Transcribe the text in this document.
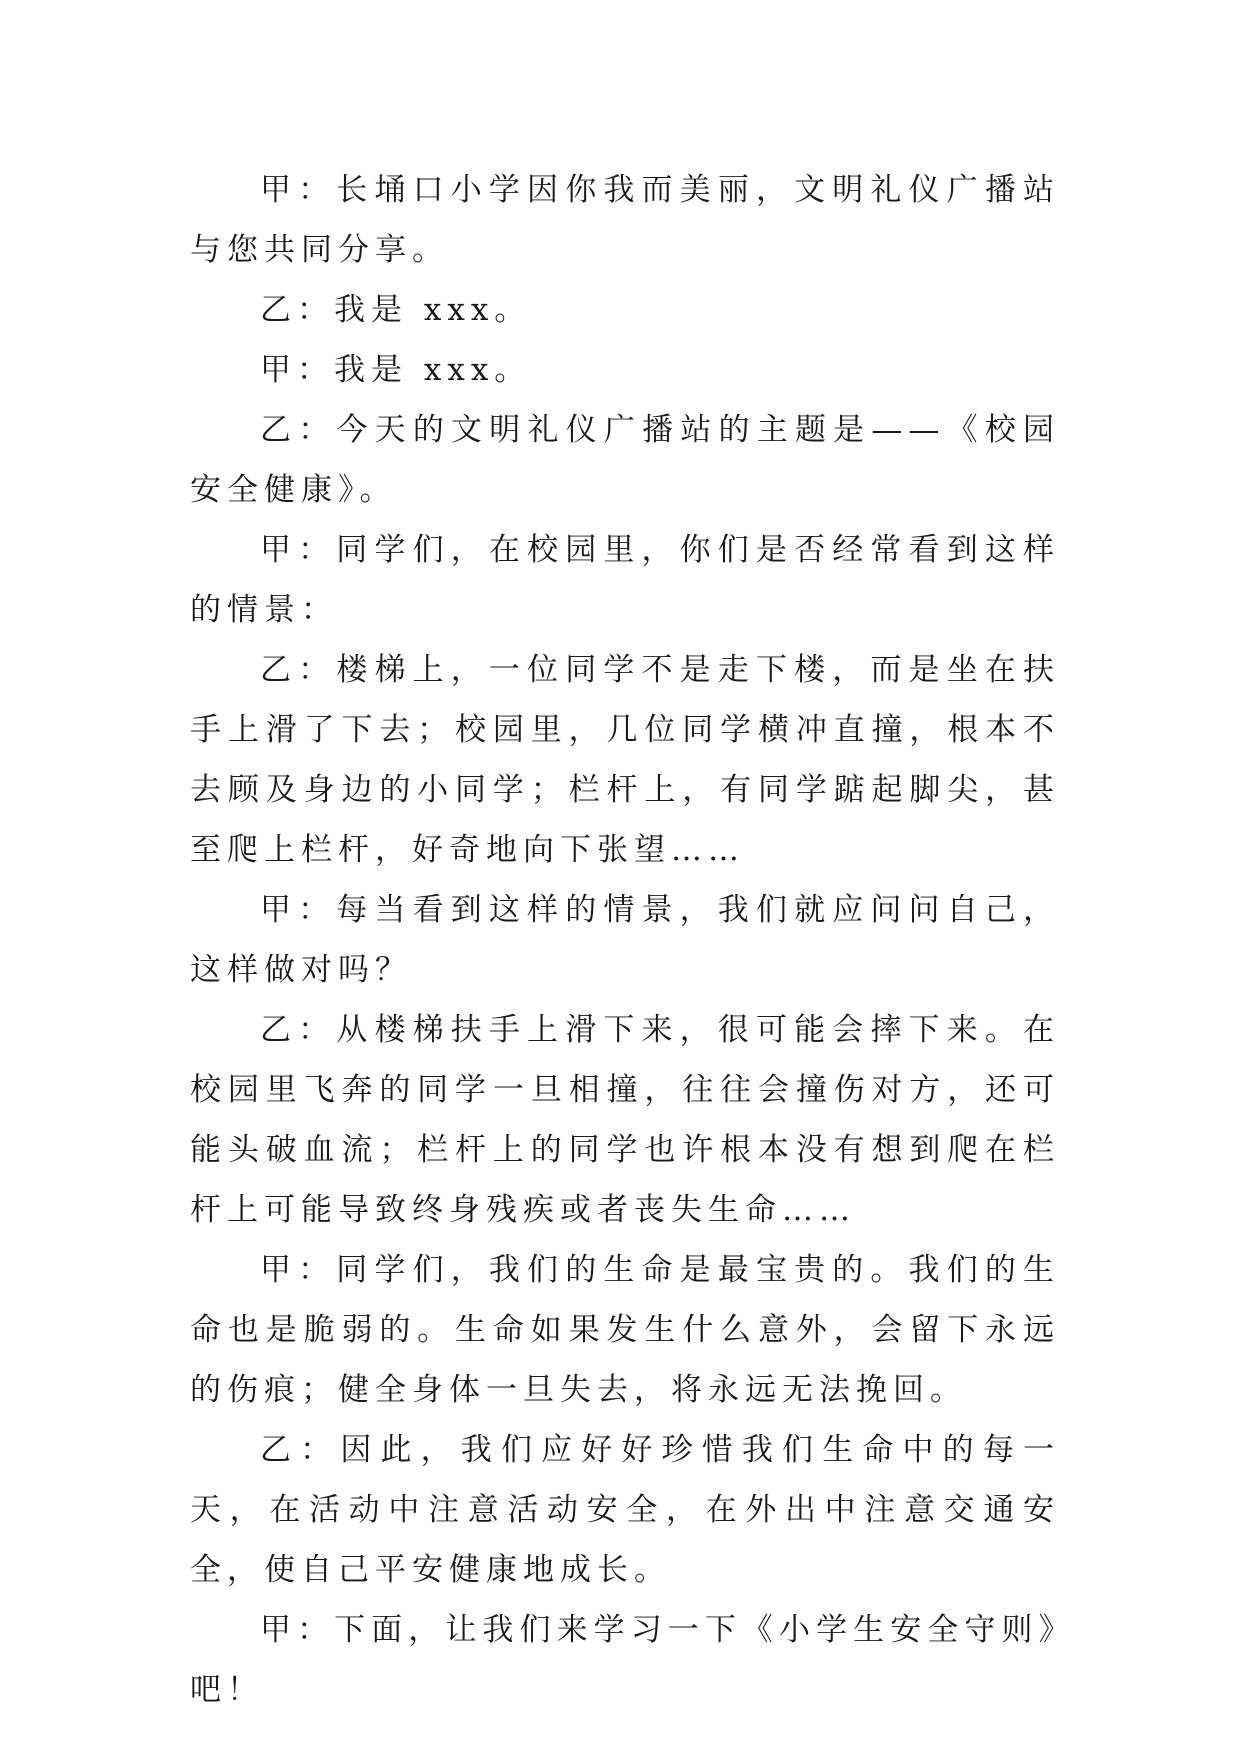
甲：长埇口小学因你我而美丽，文明礼仪广播站与您共同分享。

乙：我是 xxx。

甲：我是 xxx。

乙：今天的文明礼仪广播站的主题是——《校园安全健康》。

甲：同学们，在校园里，你们是否经常看到这样的情景：

乙：楼梯上，一位同学不是走下楼，而是坐在扶手上滑了下去；校园里，几位同学横冲直撞，根本不去顾及身边的小同学；栏杆上，有同学踮起脚尖，甚至爬上栏杆，好奇地向下张望……

甲：每当看到这样的情景，我们就应问问自己，这样做对吗？

乙：从楼梯扶手上滑下来，很可能会摔下来。在校园里飞奔的同学一旦相撞，往往会撞伤对方，还可能头破血流；栏杆上的同学也许根本没有想到爬在栏杆上可能导致终身残疾或者丧失生命……

甲：同学们，我们的生命是最宝贵的。我们的生命也是脆弱的。生命如果发生什么意外，会留下永远的伤痕；健全身体一旦失去，将永远无法挽回。

乙：因此，我们应好好珍惜我们生命中的每一天，在活动中注意活动安全，在外出中注意交通安全，使自己平安健康地成长。

甲：下面，让我们来学习一下《小学生安全守则》吧！
